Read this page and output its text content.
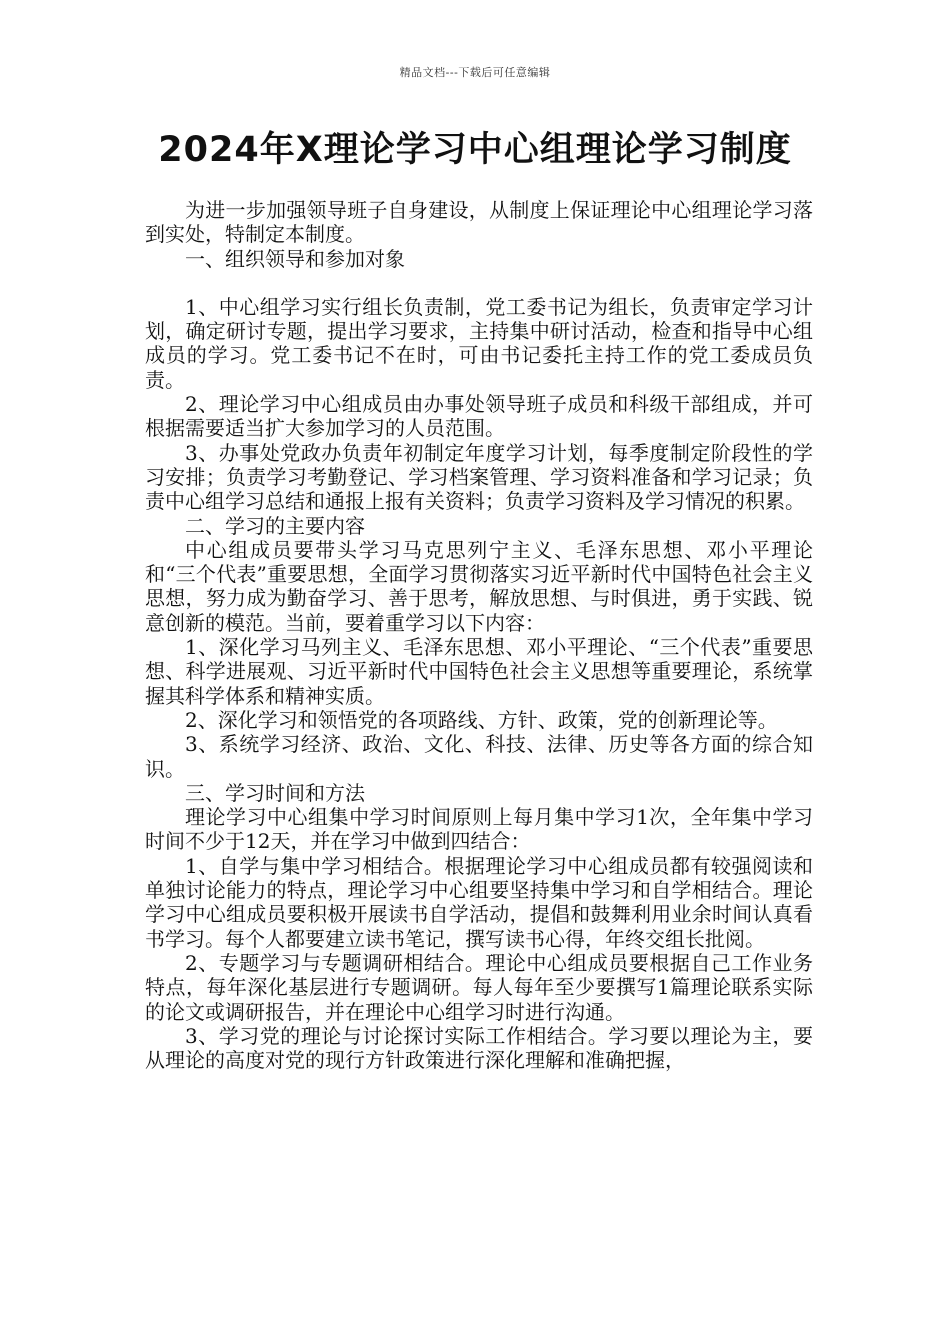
精品文档---下载后可任意编辑
2024年X理论学习中心组理论学习制度

为进一步加强领导班子自身建设，从制度上保证理论中心组理论学习落到实处，特制定本制度。

一、组织领导和参加对象

1、中心组学习实行组长负责制，党工委书记为组长，负责审定学习计划，确定研讨专题，提出学习要求，主持集中研讨活动，检查和指导中心组成员的学习。党工委书记不在时，可由书记委托主持工作的党工委成员负责。

2、理论学习中心组成员由办事处领导班子成员和科级干部组成，并可根据需要适当扩大参加学习的人员范围。

3、办事处党政办负责年初制定年度学习计划，每季度制定阶段性的学习安排；负责学习考勤登记、学习档案管理、学习资料准备和学习记录；负责中心组学习总结和通报上报有关资料；负责学习资料及学习情况的积累。

二、学习的主要内容

中心组成员要带头学习马克思列宁主义、毛泽东思想、邓小平理论和“三个代表”重要思想，全面学习贯彻落实习近平新时代中国特色社会主义思想，努力成为勤奋学习、善于思考，解放思想、与时俱进，勇于实践、锐意创新的模范。当前，要着重学习以下内容：

1、深化学习马列主义、毛泽东思想、邓小平理论、“三个代表”重要思想、科学进展观、习近平新时代中国特色社会主义思想等重要理论，系统掌握其科学体系和精神实质。

2、深化学习和领悟党的各项路线、方针、政策，党的创新理论等。

3、系统学习经济、政治、文化、科技、法律、历史等各方面的综合知识。

三、学习时间和方法

理论学习中心组集中学习时间原则上每月集中学习1次，全年集中学习时间不少于12天，并在学习中做到四结合：

1、自学与集中学习相结合。根据理论学习中心组成员都有较强阅读和单独讨论能力的特点，理论学习中心组要坚持集中学习和自学相结合。理论学习中心组成员要积极开展读书自学活动，提倡和鼓舞利用业余时间认真看书学习。每个人都要建立读书笔记，撰写读书心得，年终交组长批阅。

2、专题学习与专题调研相结合。理论中心组成员要根据自己工作业务特点，每年深化基层进行专题调研。每人每年至少要撰写1篇理论联系实际的论文或调研报告，并在理论中心组学习时进行沟通。

3、学习党的理论与讨论探讨实际工作相结合。学习要以理论为主，要从理论的高度对党的现行方针政策进行深化理解和准确把握，
